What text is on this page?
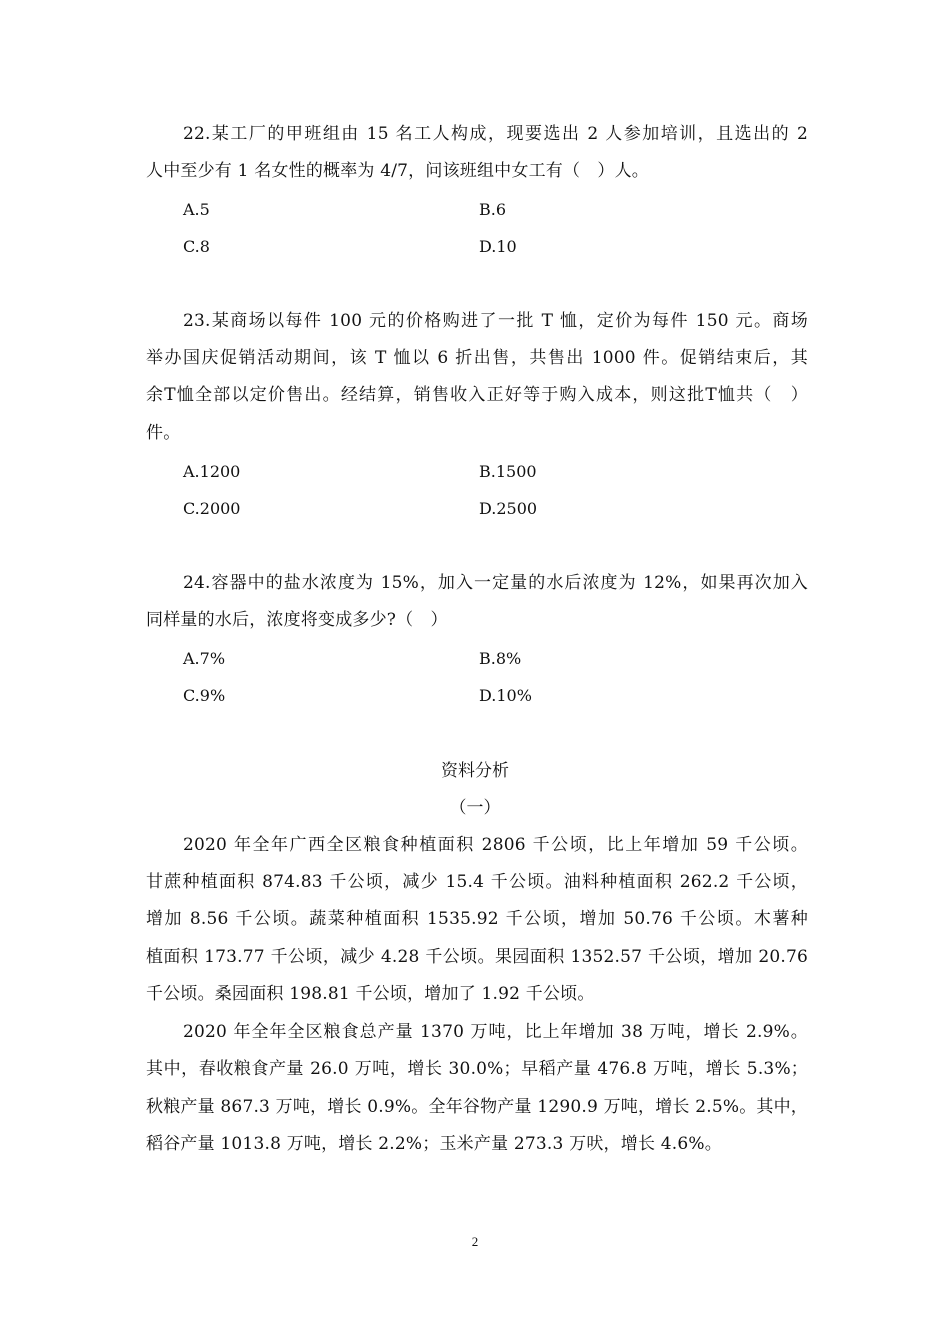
22.某工厂的甲班组由 15 名工人构成，现要选出 2 人参加培训，且选出的 2
人中至少有 1 名女性的概率为 4/7，问该班组中女工有（　）人。
A.5	B.6
C.8	D.10
23.某商场以每件 100 元的价格购进了一批 T 恤，定价为每件 150 元。商场
举办国庆促销活动期间，该 T 恤以 6 折出售，共售出 1000 件。促销结束后，其
余T恤全部以定价售出。经结算，销售收入正好等于购入成本，则这批T恤共（　）
件。
A.1200	B.1500
C.2000	D.2500
24.容器中的盐水浓度为 15%，加入一定量的水后浓度为 12%，如果再次加入
同样量的水后，浓度将变成多少?（　）
A.7%	B.8%
C.9%	D.10%
资料分析
（一）
2020 年全年广西全区粮食种植面积 2806 千公顷，比上年增加 59 千公顷。
甘蔗种植面积 874.83 千公顷，减少 15.4 千公顷。油料种植面积 262.2 千公顷，
增加 8.56 千公顷。蔬菜种植面积 1535.92 千公顷，增加 50.76 千公顷。木薯种
植面积 173.77 千公顷，减少 4.28 千公顷。果园面积 1352.57 千公顷，增加 20.76
千公顷。桑园面积 198.81 千公顷，增加了 1.92 千公顷。
2020 年全年全区粮食总产量 1370 万吨，比上年增加 38 万吨，增长 2.9%。
其中，春收粮食产量 26.0 万吨，增长 30.0%；早稻产量 476.8 万吨，增长 5.3%；
秋粮产量 867.3 万吨，增长 0.9%。全年谷物产量 1290.9 万吨，增长 2.5%。其中，
稻谷产量 1013.8 万吨，增长 2.2%；玉米产量 273.3 万吠，增长 4.6%。
2
